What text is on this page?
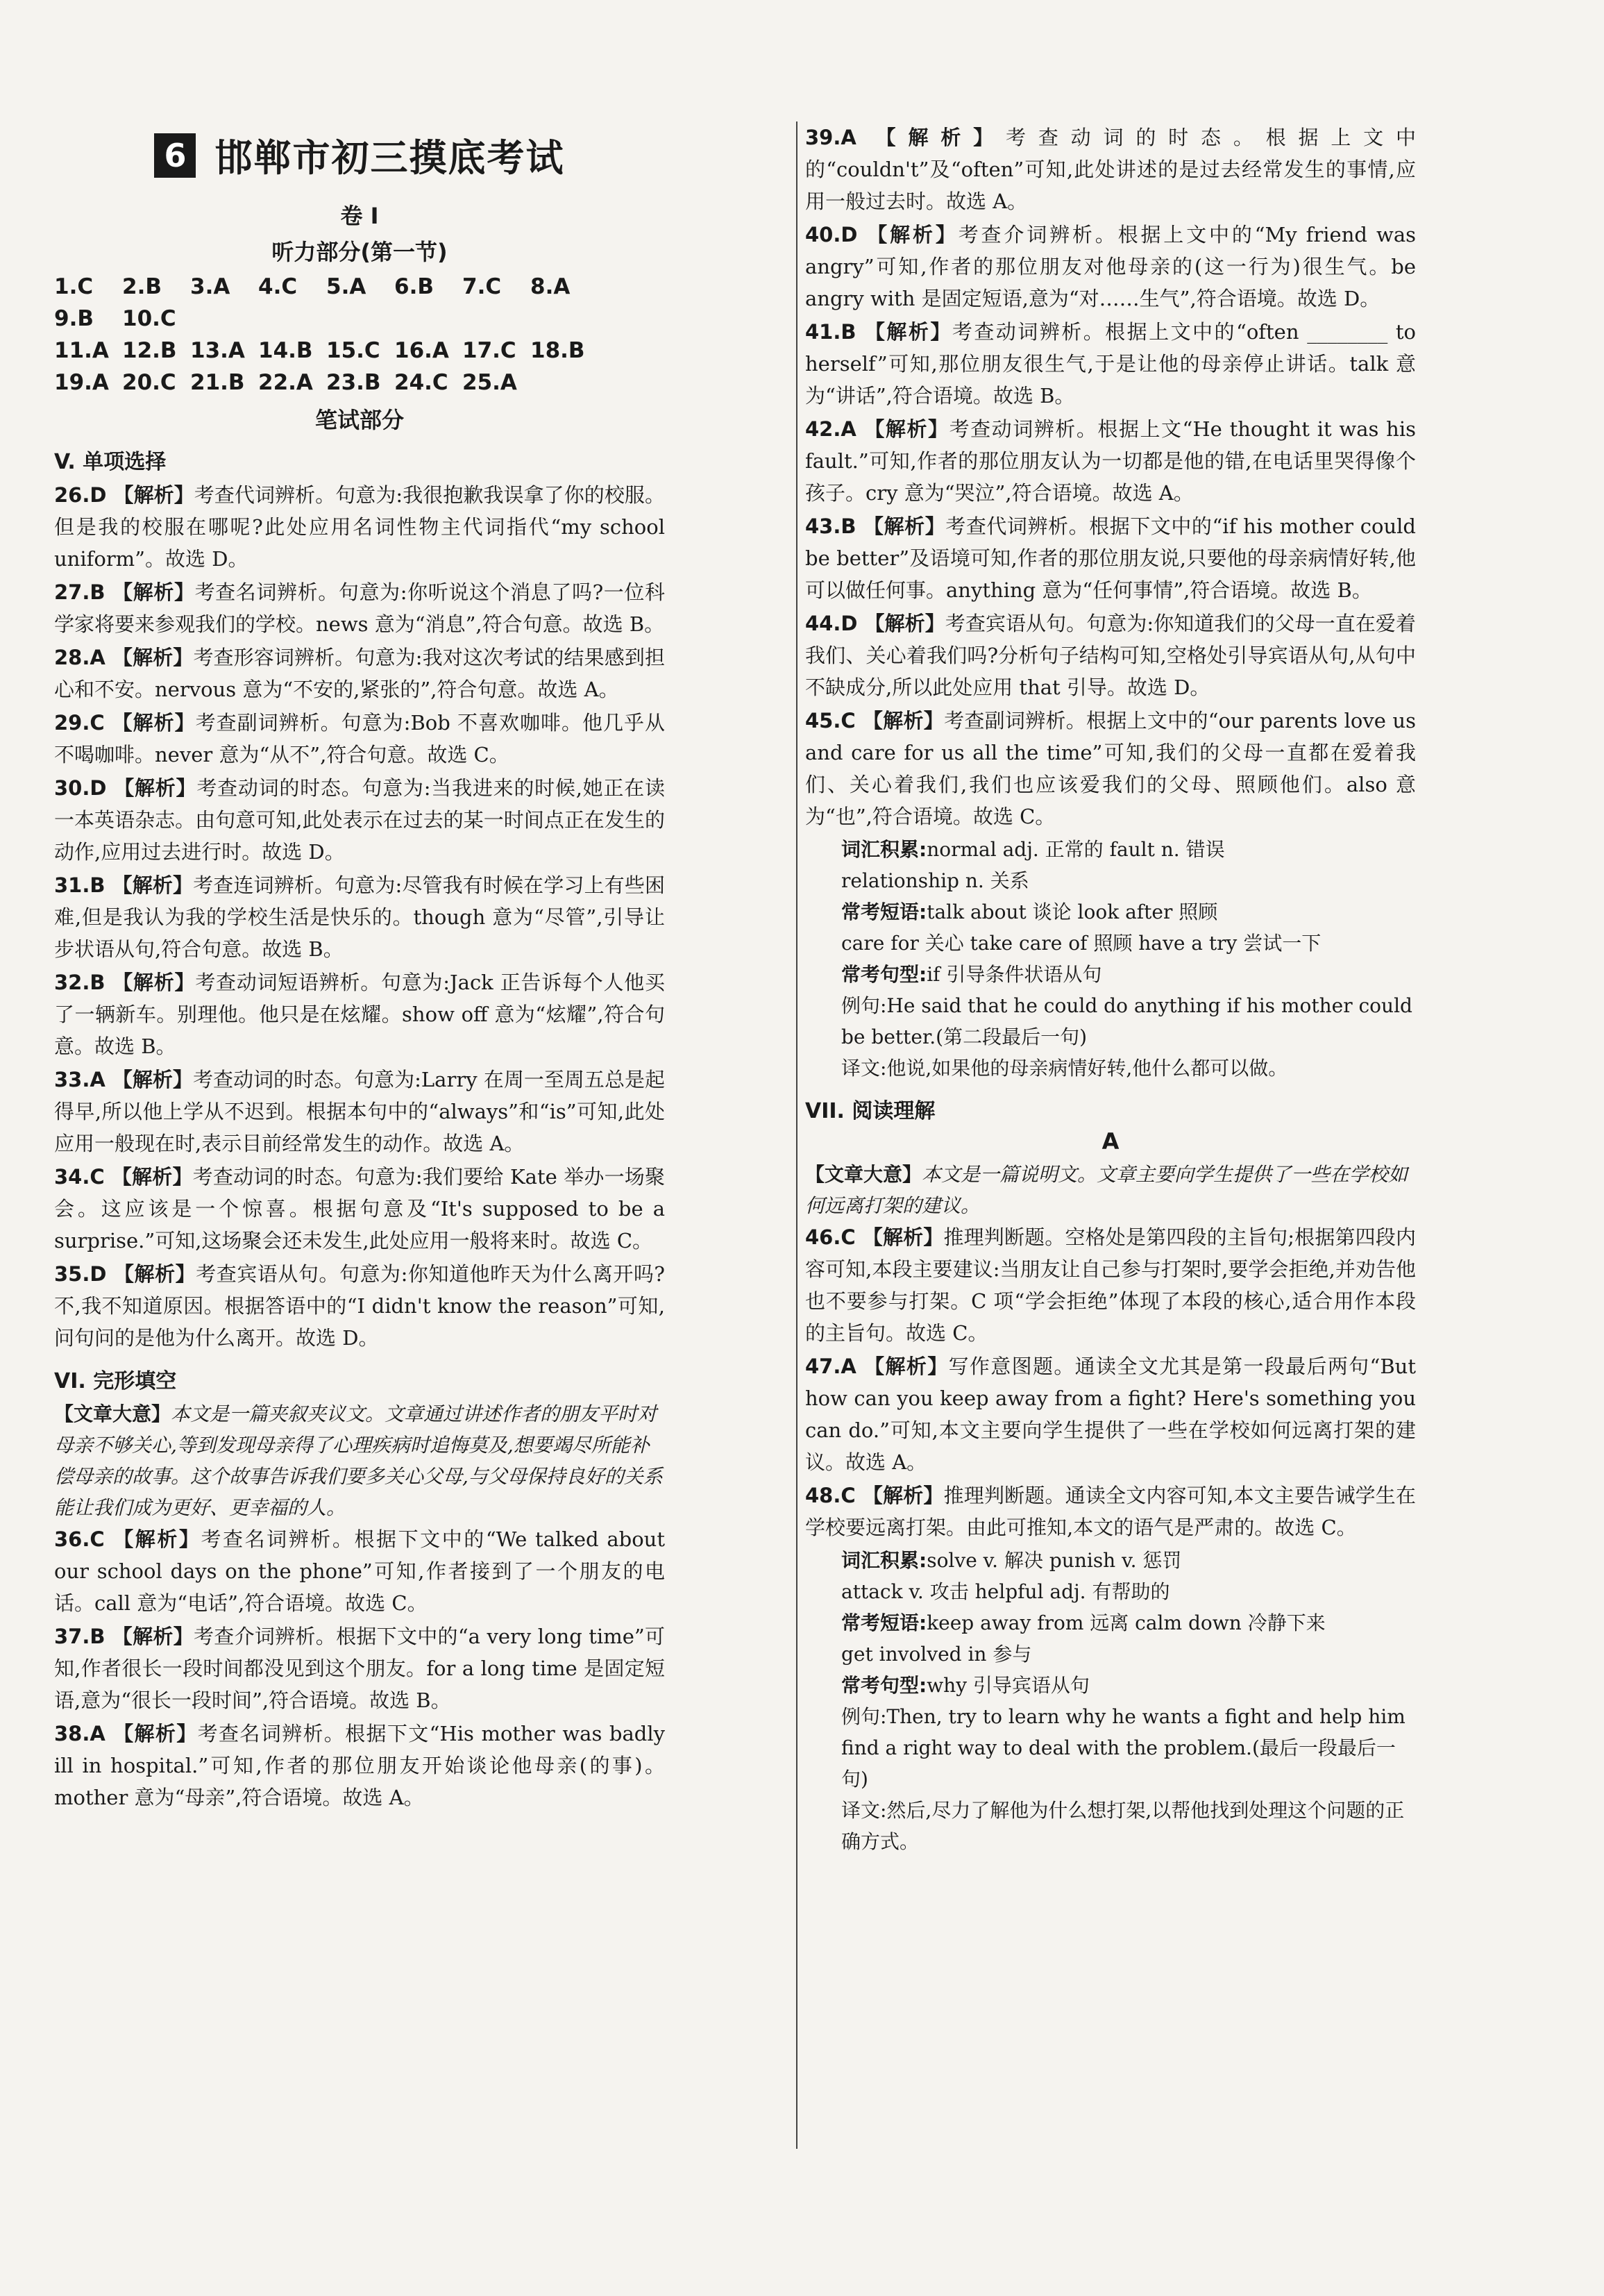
6 邯郸市初三摸底考试
卷 I
听力部分(第一节)
1.C 2.B 3.A 4.C 5.A 6.B 7.C 8.A9.B 10.C
11.A 12.B 13.A 14.B 15.C 16.A 17.C 18.B
19.A 20.C 21.B 22.A 23.B 24.C 25.A
笔试部分
V. 单项选择
26.D 【解析】考查代词辨析。句意为:我很抱歉我误拿了你的校服。但是我的校服在哪呢?此处应用名词性物主代词指代“my school uniform”。故选 D。
27.B 【解析】考查名词辨析。句意为:你听说这个消息了吗?一位科学家将要来参观我们的学校。news 意为“消息”,符合句意。故选 B。
28.A 【解析】考查形容词辨析。句意为:我对这次考试的结果感到担心和不安。nervous 意为“不安的,紧张的”,符合句意。故选 A。
29.C 【解析】考查副词辨析。句意为:Bob 不喜欢咖啡。他几乎从不喝咖啡。never 意为“从不”,符合句意。故选 C。
30.D 【解析】考查动词的时态。句意为:当我进来的时候,她正在读一本英语杂志。由句意可知,此处表示在过去的某一时间点正在发生的动作,应用过去进行时。故选 D。
31.B 【解析】考查连词辨析。句意为:尽管我有时候在学习上有些困难,但是我认为我的学校生活是快乐的。though 意为“尽管”,引导让步状语从句,符合句意。故选 B。
32.B 【解析】考查动词短语辨析。句意为:Jack 正告诉每个人他买了一辆新车。别理他。他只是在炫耀。show off 意为“炫耀”,符合句意。故选 B。
33.A 【解析】考查动词的时态。句意为:Larry 在周一至周五总是起得早,所以他上学从不迟到。根据本句中的“always”和“is”可知,此处应用一般现在时,表示目前经常发生的动作。故选 A。
34.C 【解析】考查动词的时态。句意为:我们要给 Kate 举办一场聚会。这应该是一个惊喜。根据句意及“It's supposed to be a surprise.”可知,这场聚会还未发生,此处应用一般将来时。故选 C。
35.D 【解析】考查宾语从句。句意为:你知道他昨天为什么离开吗?不,我不知道原因。根据答语中的“I didn't know the reason”可知,问句问的是他为什么离开。故选 D。
VI. 完形填空
【文章大意】本文是一篇夹叙夹议文。文章通过讲述作者的朋友平时对母亲不够关心,等到发现母亲得了心理疾病时追悔莫及,想要竭尽所能补偿母亲的故事。这个故事告诉我们要多关心父母,与父母保持良好的关系能让我们成为更好、更幸福的人。
36.C 【解析】考查名词辨析。根据下文中的“We talked about our school days on the phone”可知,作者接到了一个朋友的电话。call 意为“电话”,符合语境。故选 C。
37.B 【解析】考查介词辨析。根据下文中的“a very long time”可知,作者很长一段时间都没见到这个朋友。for a long time 是固定短语,意为“很长一段时间”,符合语境。故选 B。
38.A 【解析】考查名词辨析。根据下文“His mother was badly ill in hospital.”可知,作者的那位朋友开始谈论他母亲(的事)。mother 意为“母亲”,符合语境。故选 A。
39.A 【解析】考查动词的时态。根据上文中的“couldn't”及“often”可知,此处讲述的是过去经常发生的事情,应用一般过去时。故选 A。
40.D 【解析】考查介词辨析。根据上文中的“My friend was angry”可知,作者的那位朋友对他母亲的(这一行为)很生气。be angry with 是固定短语,意为“对……生气”,符合语境。故选 D。
41.B 【解析】考查动词辨析。根据上文中的“often ________ to herself”可知,那位朋友很生气,于是让他的母亲停止讲话。talk 意为“讲话”,符合语境。故选 B。
42.A 【解析】考查动词辨析。根据上文“He thought it was his fault.”可知,作者的那位朋友认为一切都是他的错,在电话里哭得像个孩子。cry 意为“哭泣”,符合语境。故选 A。
43.B 【解析】考查代词辨析。根据下文中的“if his mother could be better”及语境可知,作者的那位朋友说,只要他的母亲病情好转,他可以做任何事。anything 意为“任何事情”,符合语境。故选 B。
44.D 【解析】考查宾语从句。句意为:你知道我们的父母一直在爱着我们、关心着我们吗?分析句子结构可知,空格处引导宾语从句,从句中不缺成分,所以此处应用 that 引导。故选 D。
45.C 【解析】考查副词辨析。根据上文中的“our parents love us and care for us all the time”可知,我们的父母一直都在爱着我们、关心着我们,我们也应该爱我们的父母、照顾他们。also 意为“也”,符合语境。故选 C。
词汇积累:normal adj. 正常的 fault n. 错误
relationship n. 关系
常考短语:talk about 谈论 look after 照顾
care for 关心 take care of 照顾 have a try 尝试一下
常考句型:if 引导条件状语从句
例句:He said that he could do anything if his mother could be better.(第二段最后一句)
译文:他说,如果他的母亲病情好转,他什么都可以做。
VII. 阅读理解
A
【文章大意】本文是一篇说明文。文章主要向学生提供了一些在学校如何远离打架的建议。
46.C 【解析】推理判断题。空格处是第四段的主旨句;根据第四段内容可知,本段主要建议:当朋友让自己参与打架时,要学会拒绝,并劝告他也不要参与打架。C 项“学会拒绝”体现了本段的核心,适合用作本段的主旨句。故选 C。
47.A 【解析】写作意图题。通读全文尤其是第一段最后两句“But how can you keep away from a fight? Here's something you can do.”可知,本文主要向学生提供了一些在学校如何远离打架的建议。故选 A。
48.C 【解析】推理判断题。通读全文内容可知,本文主要告诫学生在学校要远离打架。由此可推知,本文的语气是严肃的。故选 C。
词汇积累:solve v. 解决 punish v. 惩罚
attack v. 攻击 helpful adj. 有帮助的
常考短语:keep away from 远离 calm down 冷静下来
get involved in 参与
常考句型:why 引导宾语从句
例句:Then, try to learn why he wants a fight and help him find a right way to deal with the problem.(最后一段最后一句)
译文:然后,尽力了解他为什么想打架,以帮他找到处理这个问题的正确方式。
